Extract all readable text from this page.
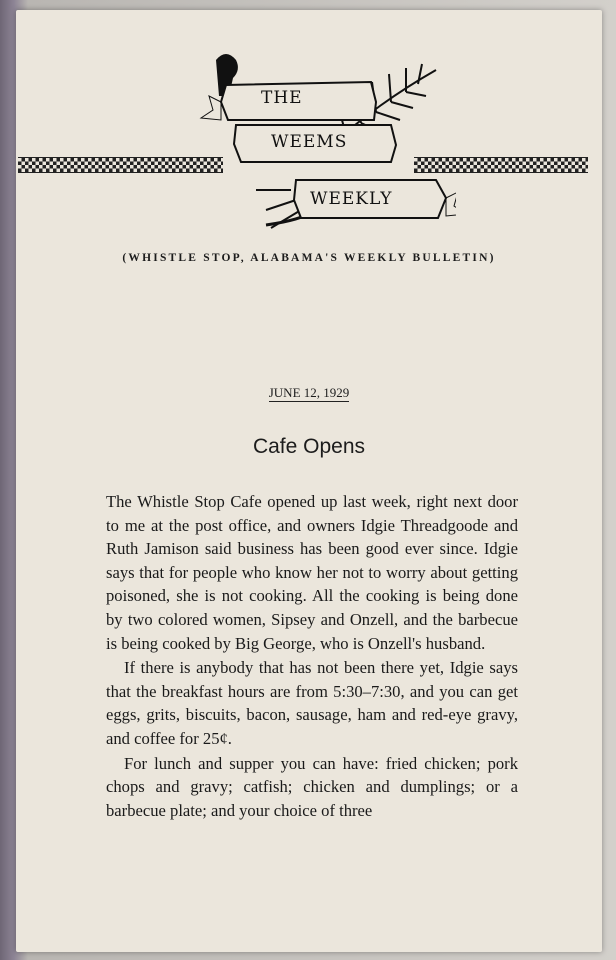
THE
WEEMS
WEEKLY
(WHISTLE STOP, ALABAMA'S WEEKLY BULLETIN)
JUNE 12, 1929
Cafe Opens

The Whistle Stop Cafe opened up last week, right next door to me at the post office, and owners Idgie Threadgoode and Ruth Jamison said business has been good ever since. Idgie says that for people who know her not to worry about getting poisoned, she is not cooking. All the cooking is being done by two colored women, Sipsey and Onzell, and the barbecue is being cooked by Big George, who is Onzell's husband.

If there is anybody that has not been there yet, Idgie says that the breakfast hours are from 5:30–7:30, and you can get eggs, grits, biscuits, bacon, sausage, ham and red-eye gravy, and coffee for 25¢.

For lunch and supper you can have: fried chicken; pork chops and gravy; catfish; chicken and dumplings; or a barbecue plate; and your choice of three
